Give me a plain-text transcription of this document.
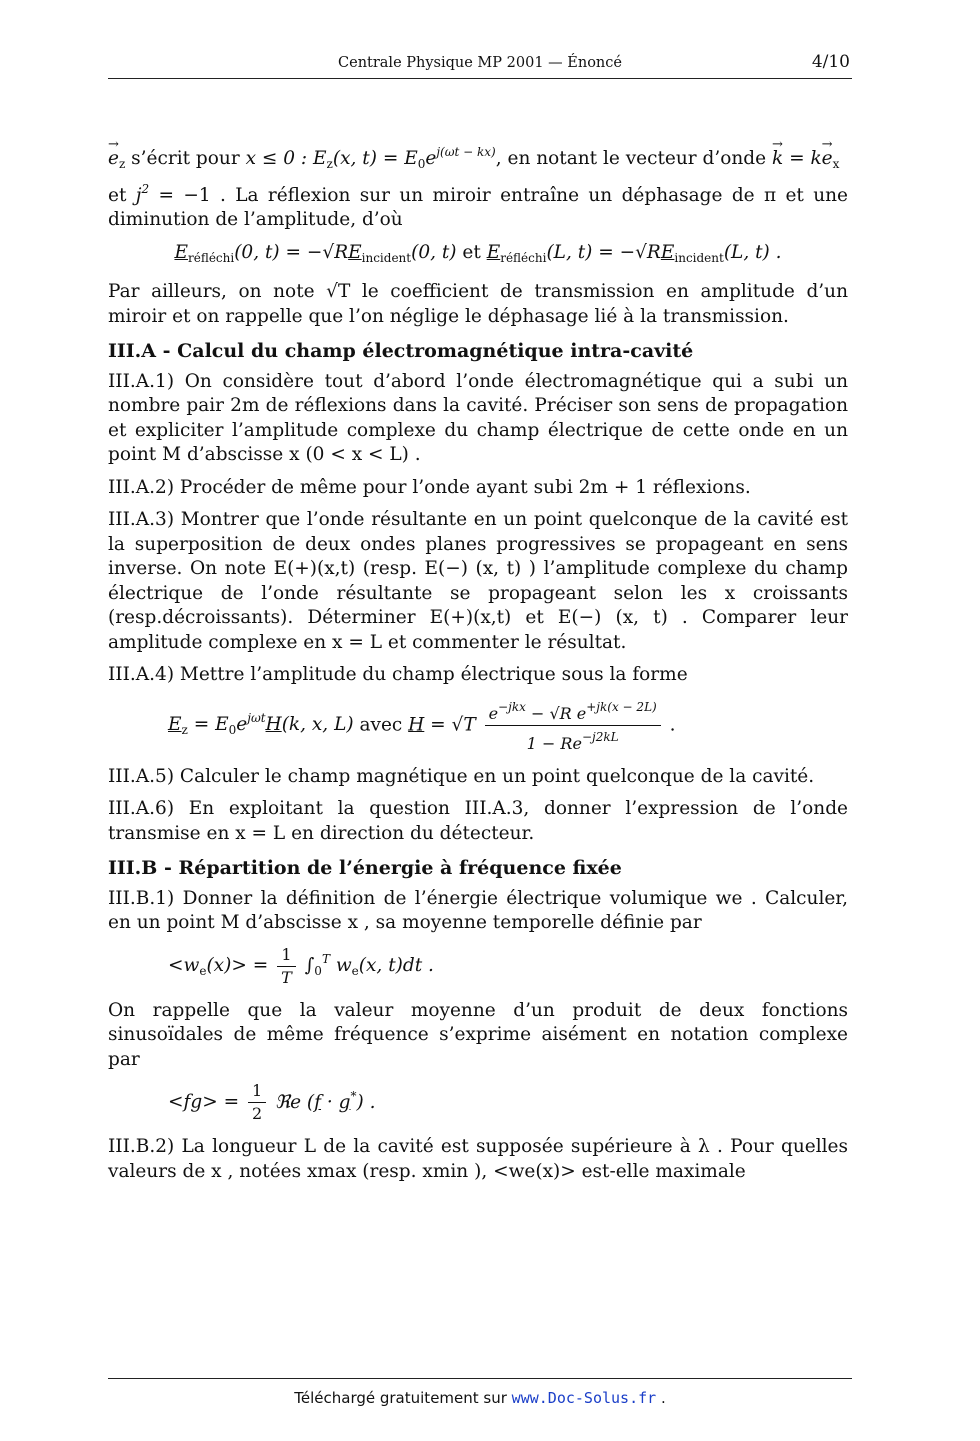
Centrale Physique MP 2001 — Énoncé	4/10

→ $e_z$ s’écrit pour x ≤ 0 : $E_z(x$, $t) = E_0e^{j(\omega t - kx)}$, en notant le vecteur d’onde → $k = k\to e_x$
et $j^2 = -1$ . La réflexion sur un miroir entraîne un déphasage de π et une diminution de l’amplitude, d’où

$E_{réfléchi}(0$, $t) = -√RE_{incident}(0$, t) et $E_{réfléchi}(L$, $t) = -√RE_{incident}(L$, t) .

Par ailleurs, on note √T le coefficient de transmission en amplitude d’un miroir et on rappelle que l’on néglige le déphasage lié à la transmission.

III.A - Calcul du champ électromagnétique intra-cavité

III.A.1) On considère tout d’abord l’onde électromagnétique qui a subi un nombre pair 2m de réflexions dans la cavité. Préciser son sens de propagation et expliciter l’amplitude complexe du champ électrique de cette onde en un point M d’abscisse x (0 < x < L) .

III.A.2) Procéder de même pour l’onde ayant subi 2m + 1 réflexions.

III.A.3) Montrer que l’onde résultante en un point quelconque de la cavité est la superposition de deux ondes planes progressives se propageant en sens inverse. On note E(+)(x,t) (resp. E(−) (x, t) ) l’amplitude complexe du champ électrique de l’onde résultante se propageant selon les x croissants (resp.décroissants). Déterminer E(+)(x,t) et E(−) (x, t) . Comparer leur amplitude complexe en x = L et commenter le résultat.

III.A.4) Mettre l’amplitude du champ électrique sous la forme

$E_z = E_0e^{j\omega t}H(k$, x, L) avec $H = √T \frac{e^{-jkx} - √R e^{+jk(x - 2L)}}{1 - Re^{-j2kL}}$ .

III.A.5) Calculer le champ magnétique en un point quelconque de la cavité.

III.A.6) En exploitant la question III.A.3, donner l’expression de l’onde transmise en x = L en direction du détecteur.

III.B - Répartition de l’énergie à fréquence fixée

III.B.1) Donner la définition de l’énergie électrique volumique we . Calculer, en un point M d’abscisse x , sa moyenne temporelle définie par

$<w_e(x)> = \frac{1}{T} \int_0^T$ $w_e(x$, t)dt .

On rappelle que la valeur moyenne d’un produit de deux fonctions sinusoïdales de même fréquence s’exprime aisément en notation complexe par

$<fg> = \frac{1}{2}$ ℜe (f · g*) .

III.B.2) La longueur L de la cavité est supposée supérieure à λ . Pour quelles valeurs de x , notées xmax (resp. xmin ), <we(x)> est-elle maximale

Téléchargé gratuitement sur www.Doc-Solus.fr .
